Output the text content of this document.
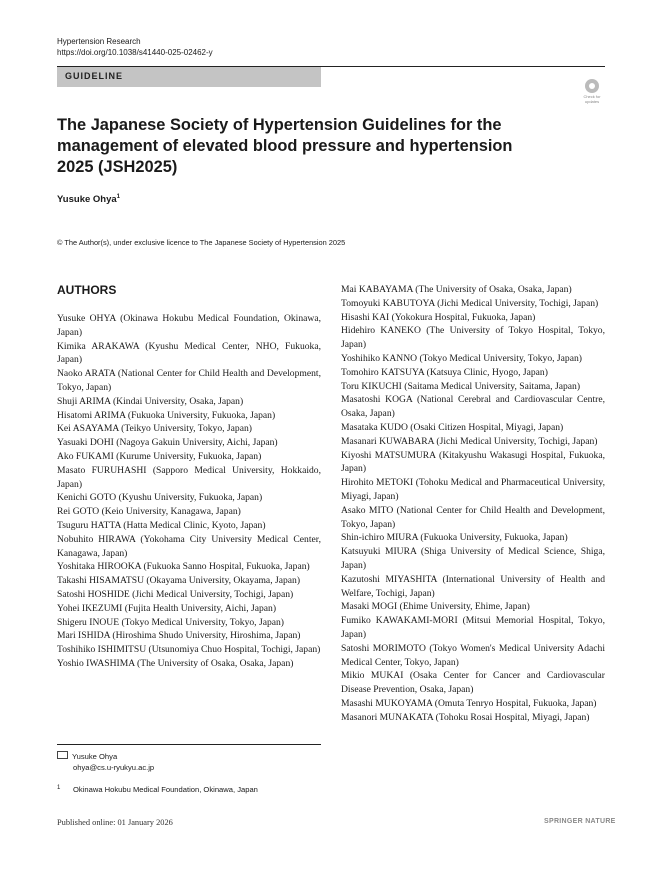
Hypertension Research
https://doi.org/10.1038/s41440-025-02462-y
GUIDELINE
Check for updates
The Japanese Society of Hypertension Guidelines for the management of elevated blood pressure and hypertension 2025 (JSH2025)
Yusuke Ohya$^1$
© The Author(s), under exclusive licence to The Japanese Society of Hypertension 2025
AUTHORS

Yusuke OHYA (Okinawa Hokubu Medical Foundation, Okinawa, Japan)

Kimika ARAKAWA (Kyushu Medical Center, NHO, Fukuoka, Japan)

Naoko ARATA (National Center for Child Health and Development, Tokyo, Japan)

Shuji ARIMA (Kindai University, Osaka, Japan)

Hisatomi ARIMA (Fukuoka University, Fukuoka, Japan)

Kei ASAYAMA (Teikyo University, Tokyo, Japan)

Yasuaki DOHI (Nagoya Gakuin University, Aichi, Japan)

Ako FUKAMI (Kurume University, Fukuoka, Japan)

Masato FURUHASHI (Sapporo Medical University, Hokkaido, Japan)

Kenichi GOTO (Kyushu University, Fukuoka, Japan)

Rei GOTO (Keio University, Kanagawa, Japan)

Tsuguru HATTA (Hatta Medical Clinic, Kyoto, Japan)

Nobuhito HIRAWA (Yokohama City University Medical Center, Kanagawa, Japan)

Yoshitaka HIROOKA (Fukuoka Sanno Hospital, Fukuoka, Japan)

Takashi HISAMATSU (Okayama University, Okayama, Japan)

Satoshi HOSHIDE (Jichi Medical University, Tochigi, Japan)

Yohei IKEZUMI (Fujita Health University, Aichi, Japan)

Shigeru INOUE (Tokyo Medical University, Tokyo, Japan)

Mari ISHIDA (Hiroshima Shudo University, Hiroshima, Japan)

Toshihiko ISHIMITSU (Utsunomiya Chuo Hospital, Tochigi, Japan)

Yoshio IWASHIMA (The University of Osaka, Osaka, Japan)

Mai KABAYAMA (The University of Osaka, Osaka, Japan)

Tomoyuki KABUTOYA (Jichi Medical University, Tochigi, Japan)

Hisashi KAI (Yokokura Hospital, Fukuoka, Japan)

Hidehiro KANEKO (The University of Tokyo Hospital, Tokyo, Japan)

Yoshihiko KANNO (Tokyo Medical University, Tokyo, Japan)

Tomohiro KATSUYA (Katsuya Clinic, Hyogo, Japan)

Toru KIKUCHI (Saitama Medical University, Saitama, Japan)

Masatoshi KOGA (National Cerebral and Cardiovascular Centre, Osaka, Japan)

Masataka KUDO (Osaki Citizen Hospital, Miyagi, Japan)

Masanari KUWABARA (Jichi Medical University, Tochigi, Japan)

Kiyoshi MATSUMURA (Kitakyushu Wakasugi Hospital, Fukuoka, Japan)

Hirohito METOKI (Tohoku Medical and Pharmaceutical University, Miyagi, Japan)

Asako MITO (National Center for Child Health and Development, Tokyo, Japan)

Shin-ichiro MIURA (Fukuoka University, Fukuoka, Japan)

Katsuyuki MIURA (Shiga University of Medical Science, Shiga, Japan)

Kazutoshi MIYASHITA (International University of Health and Welfare, Tochigi, Japan)

Masaki MOGI (Ehime University, Ehime, Japan)

Fumiko KAWAKAMI-MORI (Mitsui Memorial Hospital, Tokyo, Japan)

Satoshi MORIMOTO (Tokyo Women's Medical University Adachi Medical Center, Tokyo, Japan)

Mikio MUKAI (Osaka Center for Cancer and Cardiovascular Disease Prevention, Osaka, Japan)

Masashi MUKOYAMA (Omuta Tenryo Hospital, Fukuoka, Japan)

Masanori MUNAKATA (Tohoku Rosai Hospital, Miyagi, Japan)

Yusuke Ohya
ohya@cs.u-ryukyu.ac.jp
1 Okinawa Hokubu Medical Foundation, Okinawa, Japan
Published online: 01 January 2026	SPRINGER NATURE
